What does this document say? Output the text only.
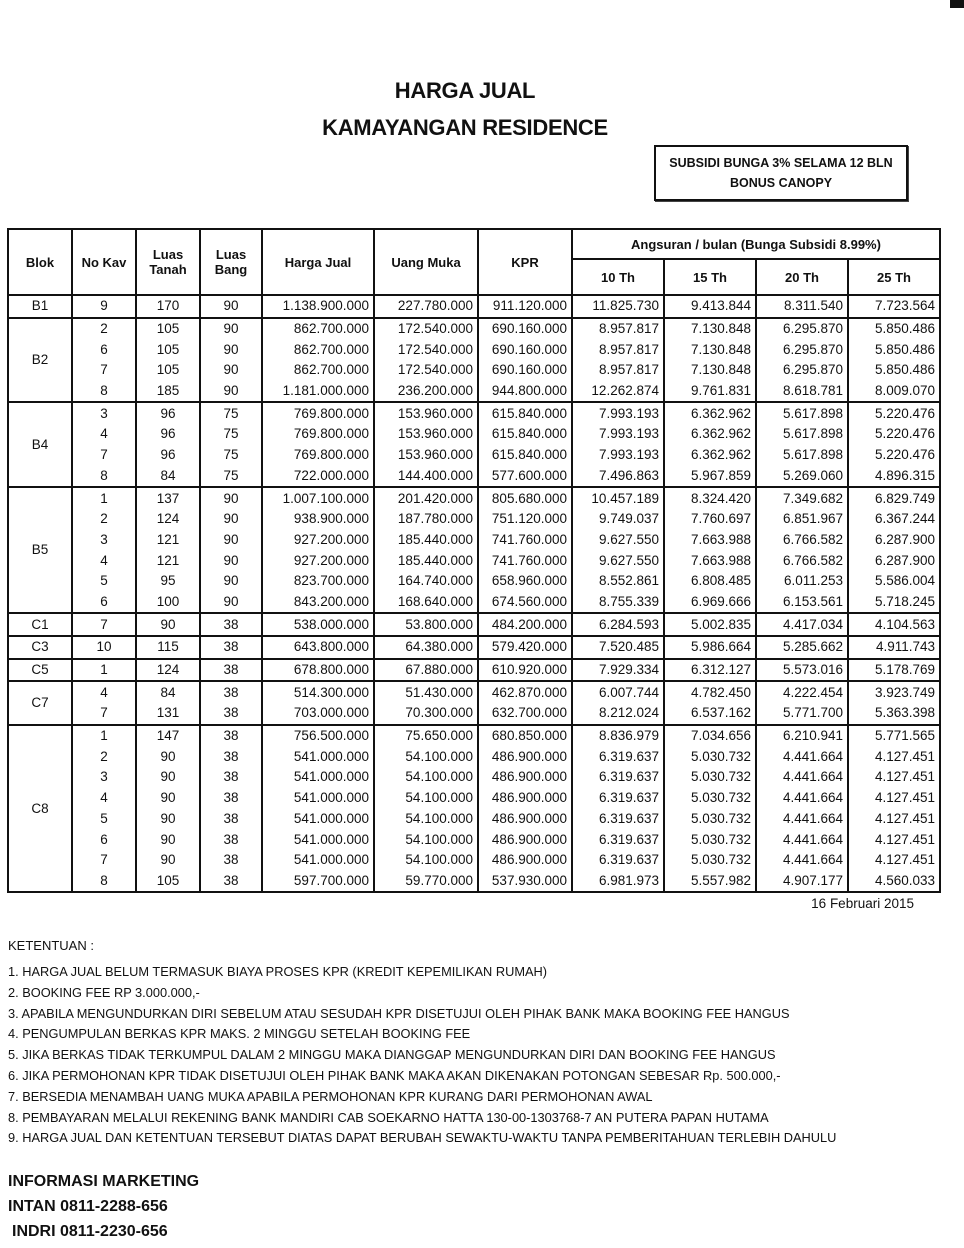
HARGA JUAL
KAMAYANGAN RESIDENCE
SUBSIDI BUNGA 3% SELAMA 12 BLN
BONUS CANOPY
Blok	No Kav	Luas Tanah	Luas Bang	Harga Jual	Uang Muka	KPR	Angsuran / bulan (Bunga Subsidi 8.99%)			
							10 Th	15 Th	20 Th	25 Th
B1	9	170	90	1.138.900.000	227.780.000	911.120.000	11.825.730	9.413.844	8.311.540	7.723.564
B2	2	105	90	862.700.000	172.540.000	690.160.000	8.957.817	7.130.848	6.295.870	5.850.486
	6	105	90	862.700.000	172.540.000	690.160.000	8.957.817	7.130.848	6.295.870	5.850.486
	7	105	90	862.700.000	172.540.000	690.160.000	8.957.817	7.130.848	6.295.870	5.850.486
	8	185	90	1.181.000.000	236.200.000	944.800.000	12.262.874	9.761.831	8.618.781	8.009.070
B4	3	96	75	769.800.000	153.960.000	615.840.000	7.993.193	6.362.962	5.617.898	5.220.476
	4	96	75	769.800.000	153.960.000	615.840.000	7.993.193	6.362.962	5.617.898	5.220.476
	7	96	75	769.800.000	153.960.000	615.840.000	7.993.193	6.362.962	5.617.898	5.220.476
	8	84	75	722.000.000	144.400.000	577.600.000	7.496.863	5.967.859	5.269.060	4.896.315
B5	1	137	90	1.007.100.000	201.420.000	805.680.000	10.457.189	8.324.420	7.349.682	6.829.749
	2	124	90	938.900.000	187.780.000	751.120.000	9.749.037	7.760.697	6.851.967	6.367.244
	3	121	90	927.200.000	185.440.000	741.760.000	9.627.550	7.663.988	6.766.582	6.287.900
	4	121	90	927.200.000	185.440.000	741.760.000	9.627.550	7.663.988	6.766.582	6.287.900
	5	95	90	823.700.000	164.740.000	658.960.000	8.552.861	6.808.485	6.011.253	5.586.004
	6	100	90	843.200.000	168.640.000	674.560.000	8.755.339	6.969.666	6.153.561	5.718.245
C1	7	90	38	538.000.000	53.800.000	484.200.000	6.284.593	5.002.835	4.417.034	4.104.563
C3	10	115	38	643.800.000	64.380.000	579.420.000	7.520.485	5.986.664	5.285.662	4.911.743
C5	1	124	38	678.800.000	67.880.000	610.920.000	7.929.334	6.312.127	5.573.016	5.178.769
C7	4	84	38	514.300.000	51.430.000	462.870.000	6.007.744	4.782.450	4.222.454	3.923.749
	7	131	38	703.000.000	70.300.000	632.700.000	8.212.024	6.537.162	5.771.700	5.363.398
C8	1	147	38	756.500.000	75.650.000	680.850.000	8.836.979	7.034.656	6.210.941	5.771.565
	2	90	38	541.000.000	54.100.000	486.900.000	6.319.637	5.030.732	4.441.664	4.127.451
	3	90	38	541.000.000	54.100.000	486.900.000	6.319.637	5.030.732	4.441.664	4.127.451
	4	90	38	541.000.000	54.100.000	486.900.000	6.319.637	5.030.732	4.441.664	4.127.451
	5	90	38	541.000.000	54.100.000	486.900.000	6.319.637	5.030.732	4.441.664	4.127.451
	6	90	38	541.000.000	54.100.000	486.900.000	6.319.637	5.030.732	4.441.664	4.127.451
	7	90	38	541.000.000	54.100.000	486.900.000	6.319.637	5.030.732	4.441.664	4.127.451
	8	105	38	597.700.000	59.770.000	537.930.000	6.981.973	5.557.982	4.907.177	4.560.033
16 Februari 2015
KETENTUAN :
1. HARGA JUAL BELUM TERMASUK BIAYA PROSES KPR (KREDIT KEPEMILIKAN RUMAH)
2. BOOKING FEE RP 3.000.000,-
3. APABILA MENGUNDURKAN DIRI SEBELUM ATAU SESUDAH KPR DISETUJUI OLEH PIHAK BANK MAKA BOOKING FEE HANGUS
4. PENGUMPULAN BERKAS KPR MAKS. 2 MINGGU SETELAH BOOKING FEE
5. JIKA BERKAS TIDAK TERKUMPUL DALAM 2 MINGGU MAKA DIANGGAP MENGUNDURKAN DIRI DAN BOOKING FEE HANGUS
6. JIKA PERMOHONAN KPR TIDAK DISETUJUI OLEH PIHAK BANK MAKA AKAN DIKENAKAN POTONGAN SEBESAR Rp. 500.000,-
7. BERSEDIA MENAMBAH UANG MUKA APABILA PERMOHONAN KPR KURANG DARI PERMOHONAN AWAL
8. PEMBAYARAN MELALUI REKENING BANK MANDIRI CAB SOEKARNO HATTA 130-00-1303768-7 AN PUTERA PAPAN HUTAMA
9. HARGA JUAL DAN KETENTUAN TERSEBUT DIATAS DAPAT BERUBAH SEWAKTU-WAKTU TANPA PEMBERITAHUAN TERLEBIH DAHULU
INFORMASI MARKETING
INTAN 0811-2288-656
INDRI 0811-2230-656
